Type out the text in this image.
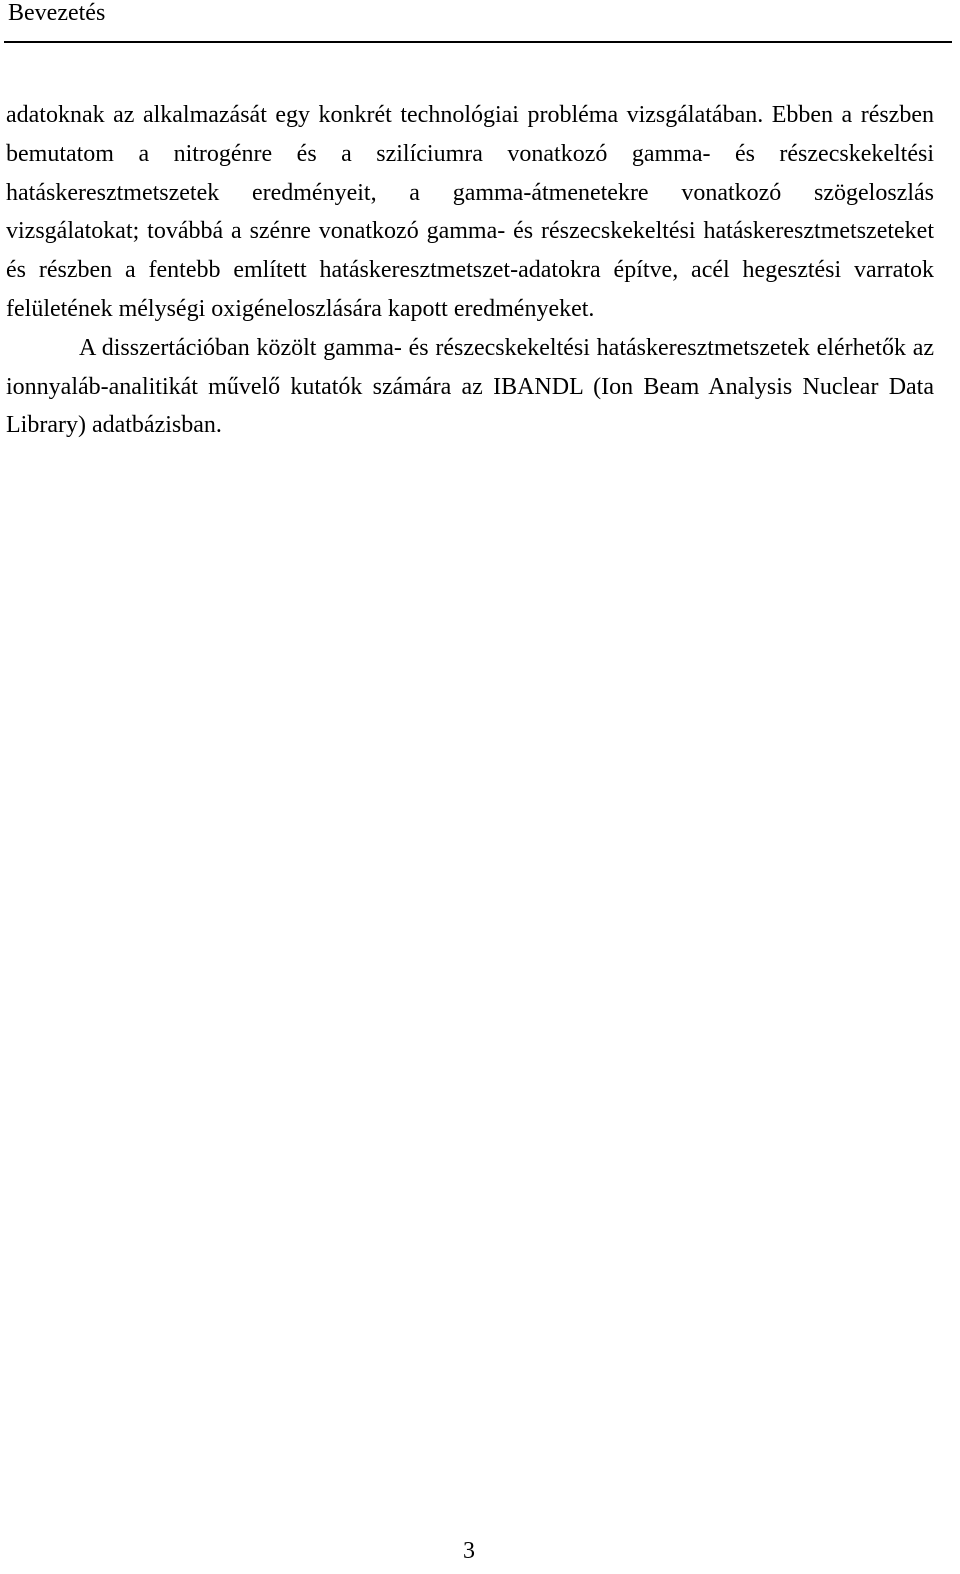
Bevezetés

adatoknak az alkalmazását egy konkrét technológiai probléma vizsgálatában. Ebben a részben bemutatom a nitrogénre és a szilíciumra vonatkozó gamma- és részecskekeltési hatáskeresztmetszetek eredményeit, a gamma-átmenetekre vonatkozó szögeloszlás vizsgálatokat; továbbá a szénre vonatkozó gamma- és részecskekeltési hatáskeresztmetszeteket és részben a fentebb említett hatáskeresztmetszet-adatokra építve, acél hegesztési varratok felületének mélységi oxigéneloszlására kapott eredményeket.

A disszertációban közölt gamma- és részecskekeltési hatáskeresztmetszetek elérhetők az ionnyaláb-analitikát művelő kutatók számára az IBANDL (Ion Beam Analysis Nuclear Data Library) adatbázisban.

3
